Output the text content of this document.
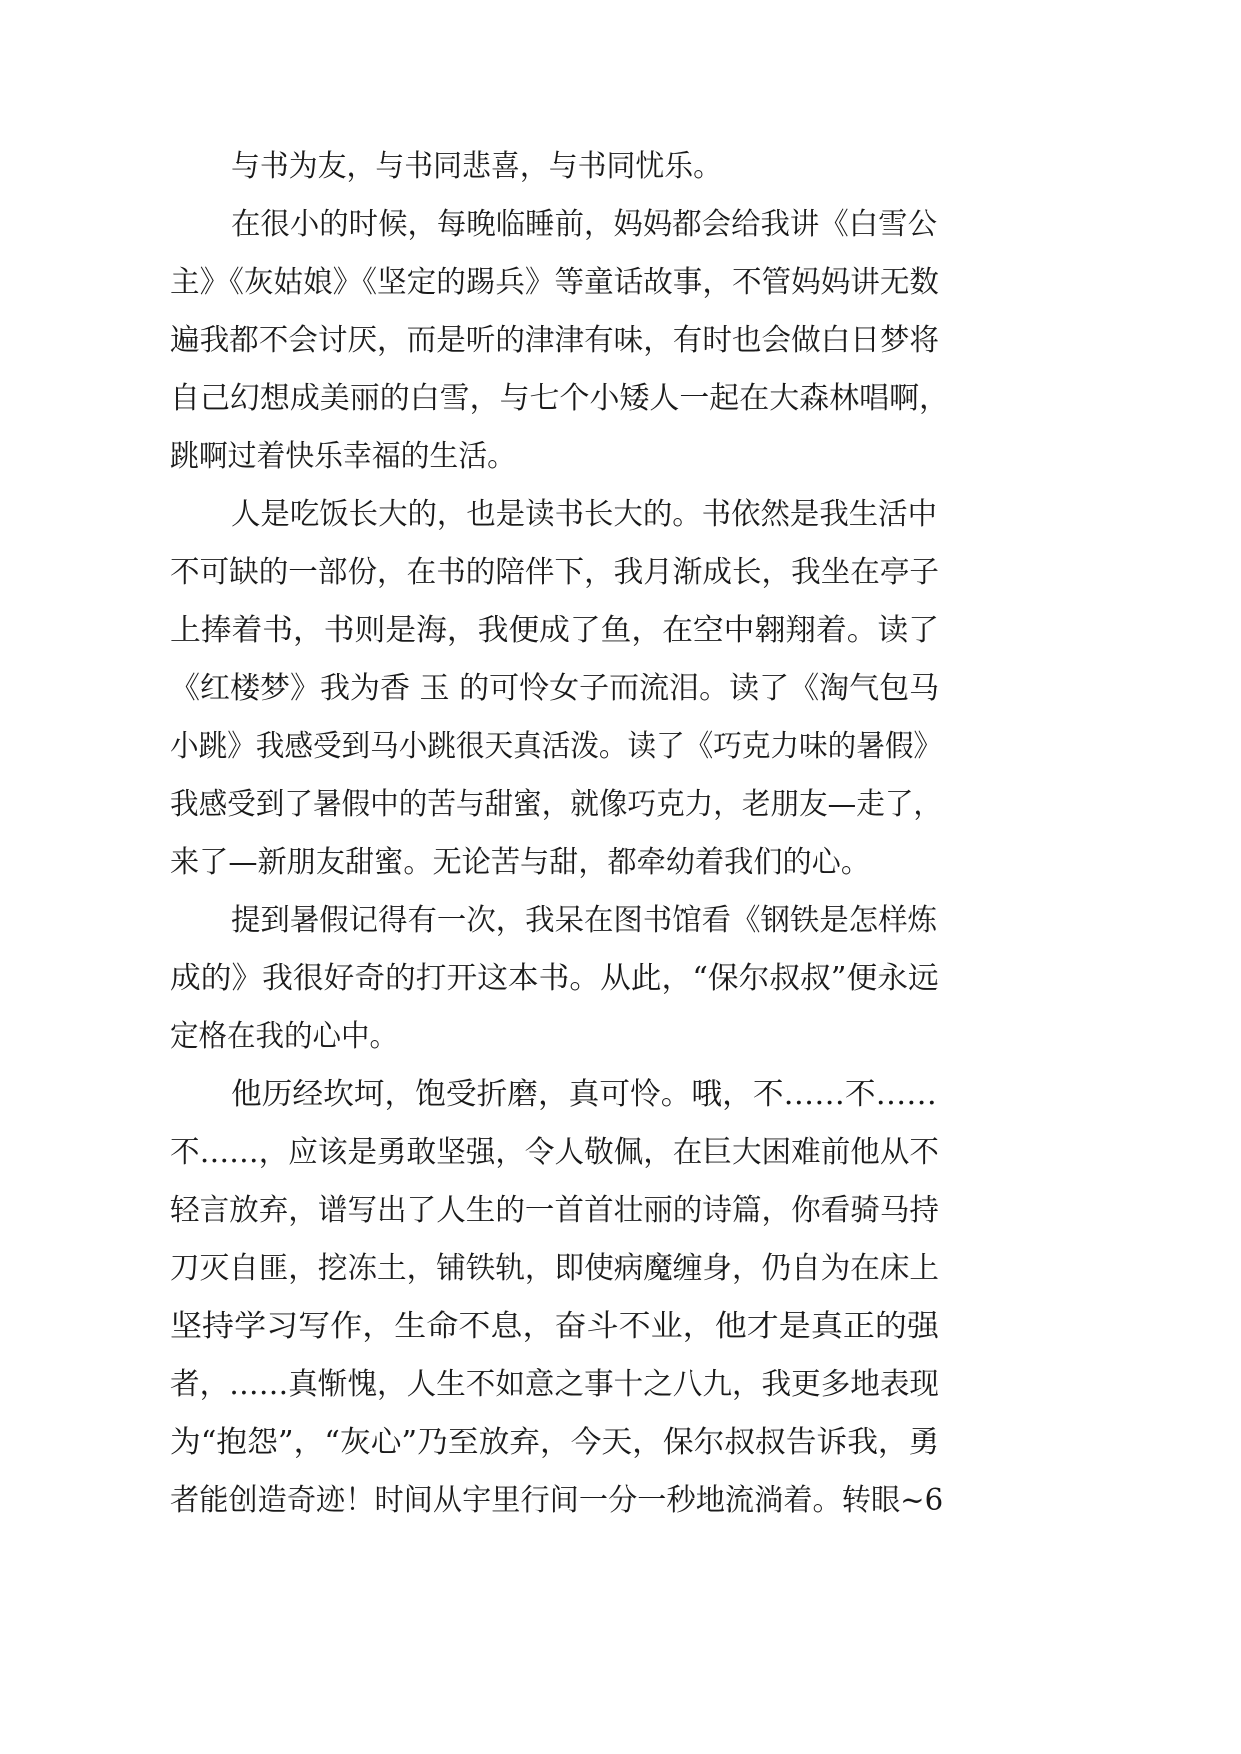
与书为友，与书同悲喜，与书同忧乐。
在很小的时候，每晚临睡前，妈妈都会给我讲《白雪公
主》《灰姑娘》《坚定的踢兵》等童话故事，不管妈妈讲无数
遍我都不会讨厌，而是听的津津有味，有时也会做白日梦将
自己幻想成美丽的白雪，与七个小矮人一起在大森林唱啊，
跳啊过着快乐幸福的生活。
人是吃饭长大的，也是读书长大的。书依然是我生活中
不可缺的一部份，在书的陪伴下，我月渐成长，我坐在亭子
上捧着书，书则是海，我便成了鱼，在空中翱翔着。读了
《红楼梦》我为香 玉 的可怜女子而流泪。读了《淘气包马
小跳》我感受到马小跳很天真活泼。读了《巧克力味的暑假》
我感受到了暑假中的苦与甜蜜，就像巧克力，老朋友—走了，
来了—新朋友甜蜜。无论苦与甜，都牵幼着我们的心。
提到暑假记得有一次，我呆在图书馆看《钢铁是怎样炼
成的》我很好奇的打开这本书。从此，“保尔叔叔”便永远
定格在我的心中。
他历经坎坷，饱受折磨，真可怜。哦，不……不……
不……，应该是勇敢坚强，令人敬佩，在巨大困难前他从不
轻言放弃，谱写出了人生的一首首壮丽的诗篇，你看骑马持
刀灭自匪，挖冻土，铺铁轨，即使病魔缠身，仍自为在床上
坚持学习写作，生命不息，奋斗不业，他才是真正的强
者，……真惭愧，人生不如意之事十之八九，我更多地表现
为“抱怨”，“灰心”乃至放弃，今天，保尔叔叔告诉我，勇
者能创造奇迹！时间从宇里行间一分一秒地流淌着。转眼~6
